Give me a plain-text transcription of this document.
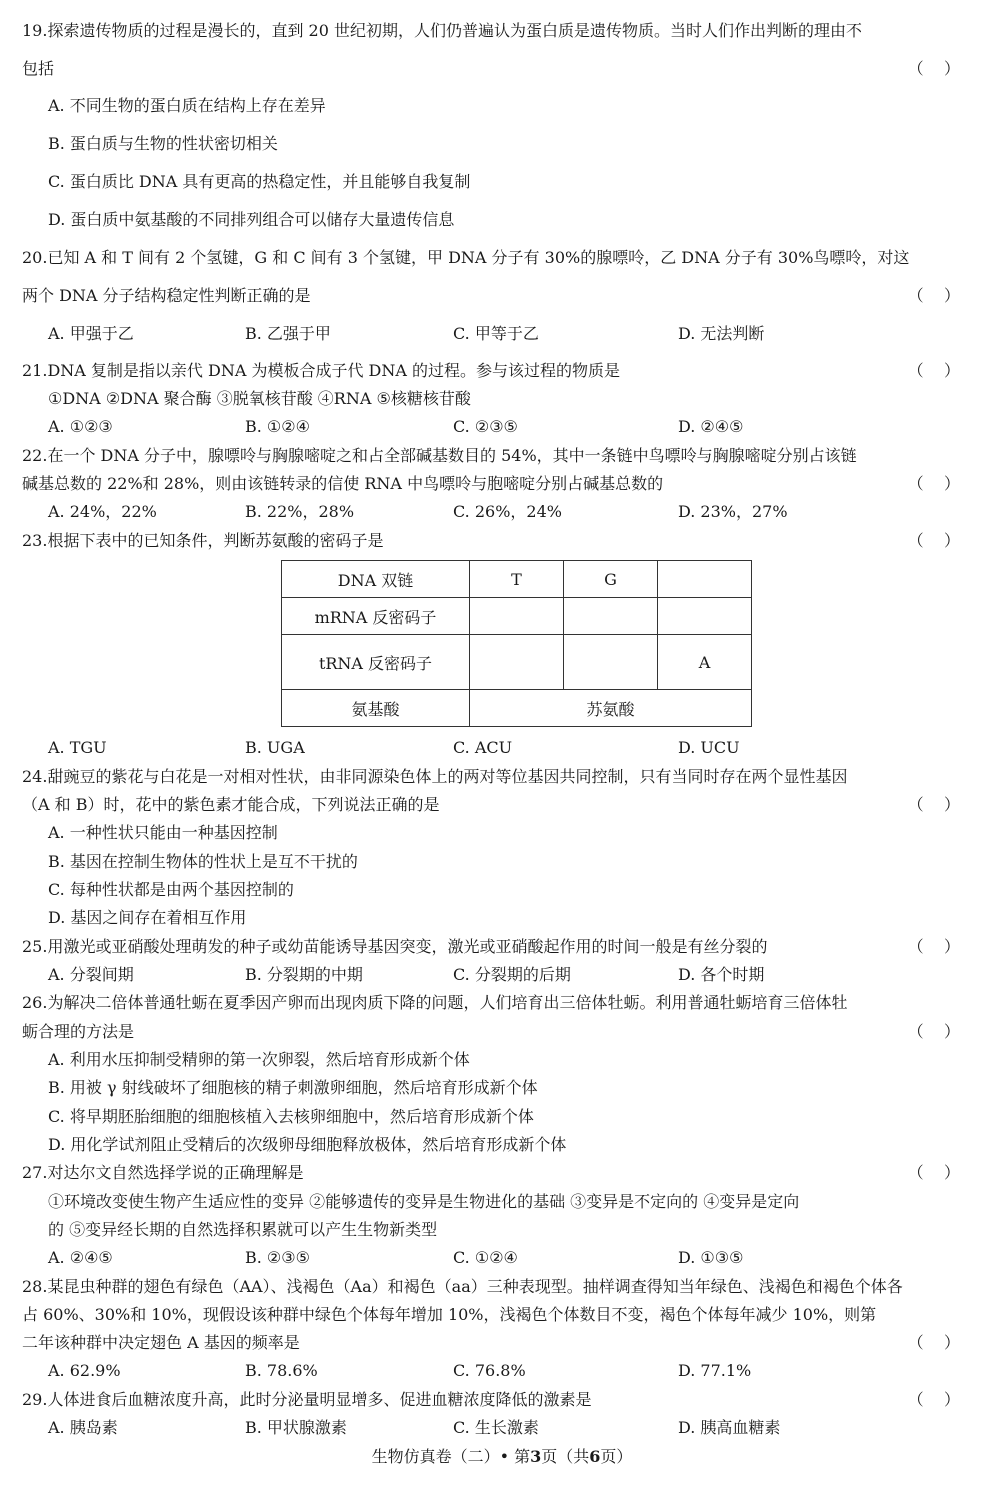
19.探索遗传物质的过程是漫长的，直到 20 世纪初期，人们仍普遍认为蛋白质是遗传物质。当时人们作出判断的理由不
包括	（    ）
A. 不同生物的蛋白质在结构上存在差异
B. 蛋白质与生物的性状密切相关
C. 蛋白质比 DNA 具有更高的热稳定性，并且能够自我复制
D. 蛋白质中氨基酸的不同排列组合可以储存大量遗传信息
20.已知 A 和 T 间有 2 个氢键，G 和 C 间有 3 个氢键，甲 DNA 分子有 30%的腺嘌呤，乙 DNA 分子有 30%鸟嘌呤，对这
两个 DNA 分子结构稳定性判断正确的是	（    ）
A. 甲强于乙	B. 乙强于甲	C. 甲等于乙	D. 无法判断
21.DNA 复制是指以亲代 DNA 为模板合成子代 DNA 的过程。参与该过程的物质是	（    ）
①DNA ②DNA 聚合酶 ③脱氧核苷酸 ④RNA ⑤核糖核苷酸
A. ①②③	B. ①②④	C. ②③⑤	D. ②④⑤
22.在一个 DNA 分子中，腺嘌呤与胸腺嘧啶之和占全部碱基数目的 54%，其中一条链中鸟嘌呤与胸腺嘧啶分别占该链
碱基总数的 22%和 28%，则由该链转录的信使 RNA 中鸟嘌呤与胞嘧啶分别占碱基总数的	（    ）
A. 24%，22%	B. 22%，28%	C. 26%，24%	D. 23%，27%
23.根据下表中的已知条件，判断苏氨酸的密码子是	（    ）
DNA 双链	T	G	
mRNA 反密码子			
tRNA 反密码子			A
氨基酸	苏氨酸		
A. TGU	B. UGA	C. ACU	D. UCU
24.甜豌豆的紫花与白花是一对相对性状，由非同源染色体上的两对等位基因共同控制，只有当同时存在两个显性基因
（A 和 B）时，花中的紫色素才能合成，下列说法正确的是	（    ）
A. 一种性状只能由一种基因控制
B. 基因在控制生物体的性状上是互不干扰的
C. 每种性状都是由两个基因控制的
D. 基因之间存在着相互作用
25.用激光或亚硝酸处理萌发的种子或幼苗能诱导基因突变，激光或亚硝酸起作用的时间一般是有丝分裂的	（    ）
A. 分裂间期	B. 分裂期的中期	C. 分裂期的后期	D. 各个时期
26.为解决二倍体普通牡蛎在夏季因产卵而出现肉质下降的问题，人们培育出三倍体牡蛎。利用普通牡蛎培育三倍体牡
蛎合理的方法是	（    ）
A. 利用水压抑制受精卵的第一次卵裂，然后培育形成新个体
B. 用被 γ 射线破坏了细胞核的精子刺激卵细胞，然后培育形成新个体
C. 将早期胚胎细胞的细胞核植入去核卵细胞中，然后培育形成新个体
D. 用化学试剂阻止受精后的次级卵母细胞释放极体，然后培育形成新个体
27.对达尔文自然选择学说的正确理解是	（    ）
①环境改变使生物产生适应性的变异 ②能够遗传的变异是生物进化的基础 ③变异是不定向的 ④变异是定向
的 ⑤变异经长期的自然选择积累就可以产生生物新类型
A. ②④⑤	B. ②③⑤	C. ①②④	D. ①③⑤
28.某昆虫种群的翅色有绿色（AA）、浅褐色（Aa）和褐色（aa）三种表现型。抽样调查得知当年绿色、浅褐色和褐色个体各
占 60%、30%和 10%，现假设该种群中绿色个体每年增加 10%，浅褐色个体数目不变，褐色个体每年减少 10%，则第
二年该种群中决定翅色 A 基因的频率是	（    ）
A. 62.9%	B. 78.6%	C. 76.8%	D. 77.1%
29.人体进食后血糖浓度升高，此时分泌量明显增多、促进血糖浓度降低的激素是	（    ）
A. 胰岛素	B. 甲状腺激素	C. 生长激素	D. 胰高血糖素
生物仿真卷（二）• 第3页（共6页）
